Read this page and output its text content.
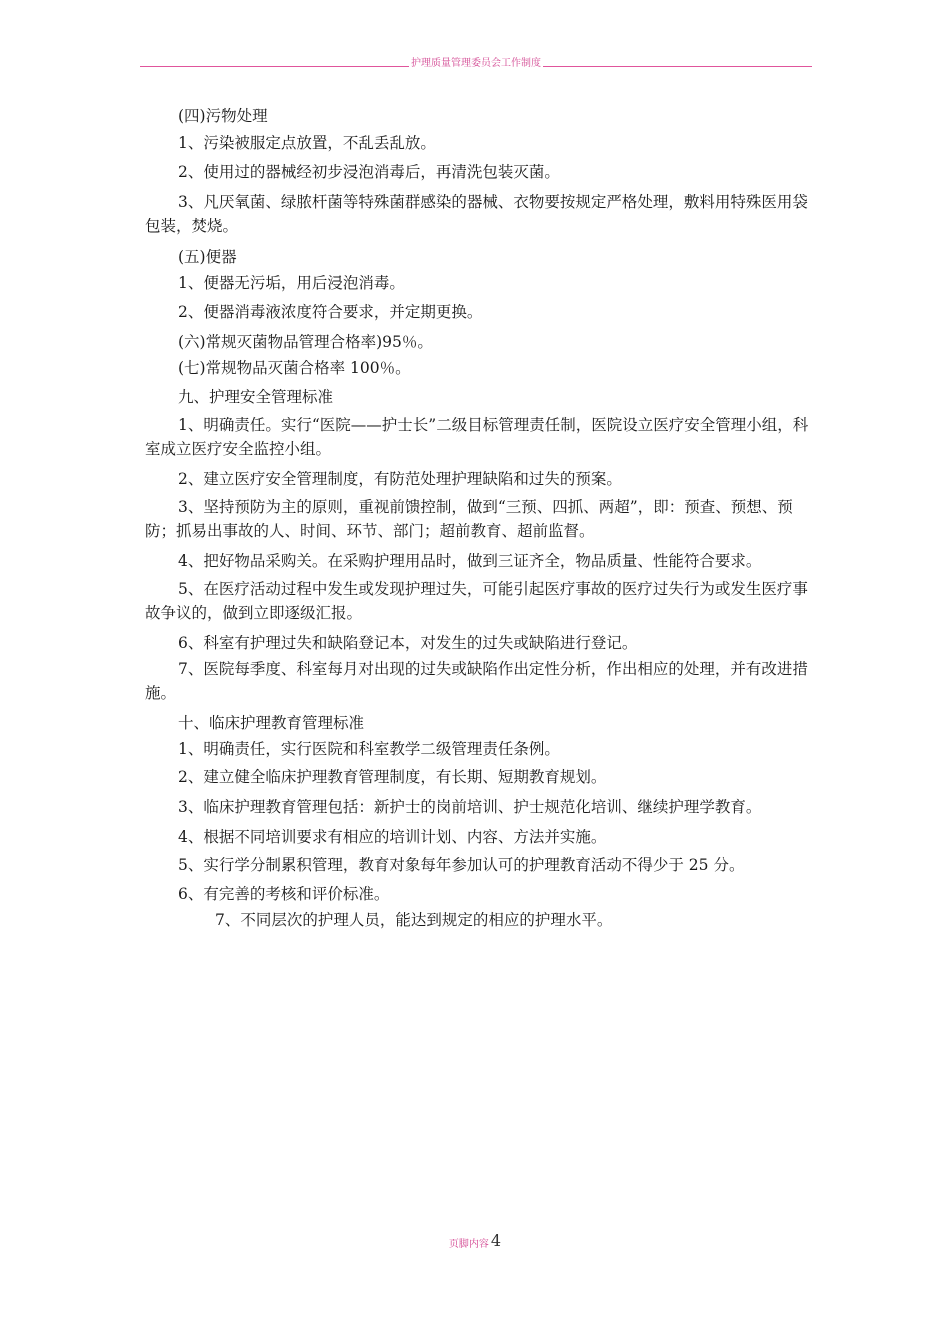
护理质量管理委员会工作制度

(四)污物处理

1、污染被服定点放置，不乱丢乱放。

2、使用过的器械经初步浸泡消毒后，再清洗包装灭菌。

3、凡厌氧菌、绿脓杆菌等特殊菌群感染的器械、衣物要按规定严格处理，敷料用特殊医用袋包装，焚烧。

(五)便器

1、便器无污垢，用后浸泡消毒。

2、便器消毒液浓度符合要求，并定期更换。

(六)常规灭菌物品管理合格率)95％。

(七)常规物品灭菌合格率 100％。

九、护理安全管理标准

1、明确责任。实行“医院——护士长”二级目标管理责任制，医院设立医疗安全管理小组，科室成立医疗安全监控小组。

2、建立医疗安全管理制度，有防范处理护理缺陷和过失的预案。

3、坚持预防为主的原则，重视前馈控制，做到“三预、四抓、两超”，即：预查、预想、预防；抓易出事故的人、时间、环节、部门；超前教育、超前监督。

4、把好物品采购关。在采购护理用品时，做到三证齐全，物品质量、性能符合要求。

5、在医疗活动过程中发生或发现护理过失，可能引起医疗事故的医疗过失行为或发生医疗事故争议的，做到立即逐级汇报。

6、科室有护理过失和缺陷登记本，对发生的过失或缺陷进行登记。

7、医院每季度、科室每月对出现的过失或缺陷作出定性分析，作出相应的处理，并有改进措施。

十、临床护理教育管理标准

1、明确责任，实行医院和科室教学二级管理责任条例。

2、建立健全临床护理教育管理制度，有长期、短期教育规划。

3、临床护理教育管理包括：新护士的岗前培训、护士规范化培训、继续护理学教育。

4、根据不同培训要求有相应的培训计划、内容、方法并实施。

5、实行学分制累积管理，教育对象每年参加认可的护理教育活动不得少于 25 分。

6、有完善的考核和评价标准。

7、不同层次的护理人员，能达到规定的相应的护理水平。

页脚内容 4
